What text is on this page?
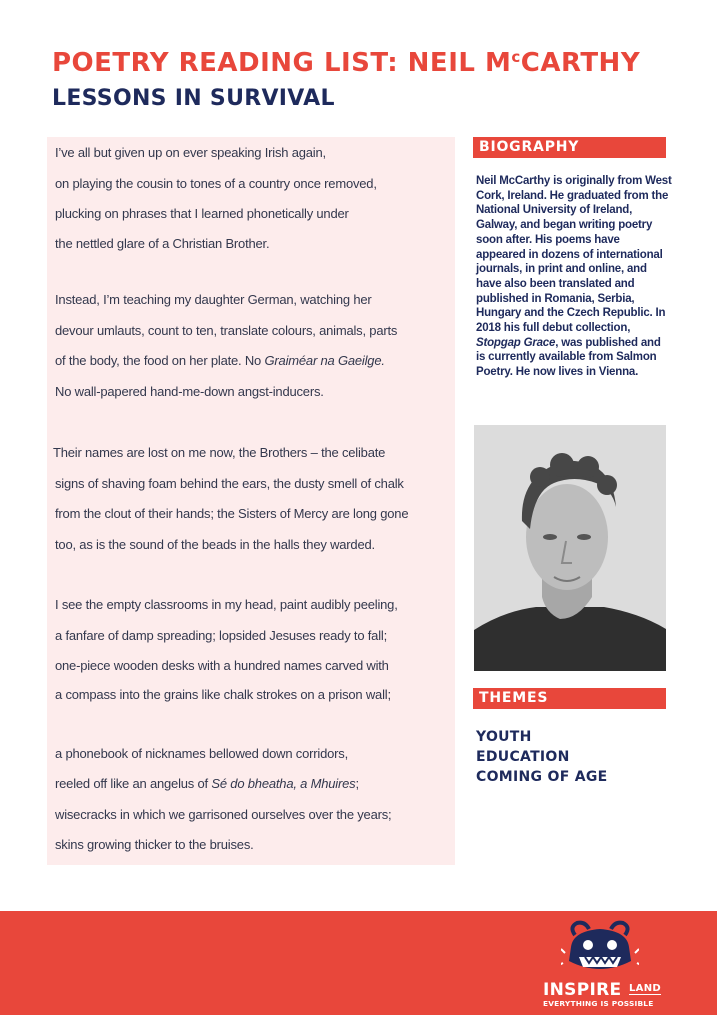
POETRY READING LIST: NEIL $M^cCARTHY$
LESSONS IN SURVIVAL

I’ve all but given up on ever speaking Irish again,

on playing the cousin to tones of a country once removed,

plucking on phrases that I learned phonetically under

the nettled glare of a Christian Brother.

Instead, I’m teaching my daughter German, watching her

devour umlauts, count to ten, translate colours, animals, parts

of the body, the food on her plate. No Graiméar na Gaeilge.

No wall-papered hand-me-down angst-inducers.

Their names are lost on me now, the Brothers – the celibate

signs of shaving foam behind the ears, the dusty smell of chalk

from the clout of their hands; the Sisters of Mercy are long gone

too, as is the sound of the beads in the halls they warded.

I see the empty classrooms in my head, paint audibly peeling,

a fanfare of damp spreading; lopsided Jesuses ready to fall;

one-piece wooden desks with a hundred names carved with

a compass into the grains like chalk strokes on a prison wall;

a phonebook of nicknames bellowed down corridors,

reeled off like an angelus of Sé do bheatha, a Mhuires;

wisecracks in which we garrisoned ourselves over the years;

skins growing thicker to the bruises.

BIOGRAPHY

Neil McCarthy is originally from West Cork, Ireland. He graduated from the National University of Ireland, Galway, and began writing poetry soon after. His poems have appeared in dozens of international journals, in print and online, and have also been translated and published in Romania, Serbia, Hungary and the Czech Republic. In 2018 his full debut collection, Stopgap Grace, was published and is currently available from Salmon Poetry. He now lives in Vienna.

THEMES
YOUTH
EDUCATION
COMING OF AGE
INSPIRE LAND
EVERYTHING IS POSSIBLE
